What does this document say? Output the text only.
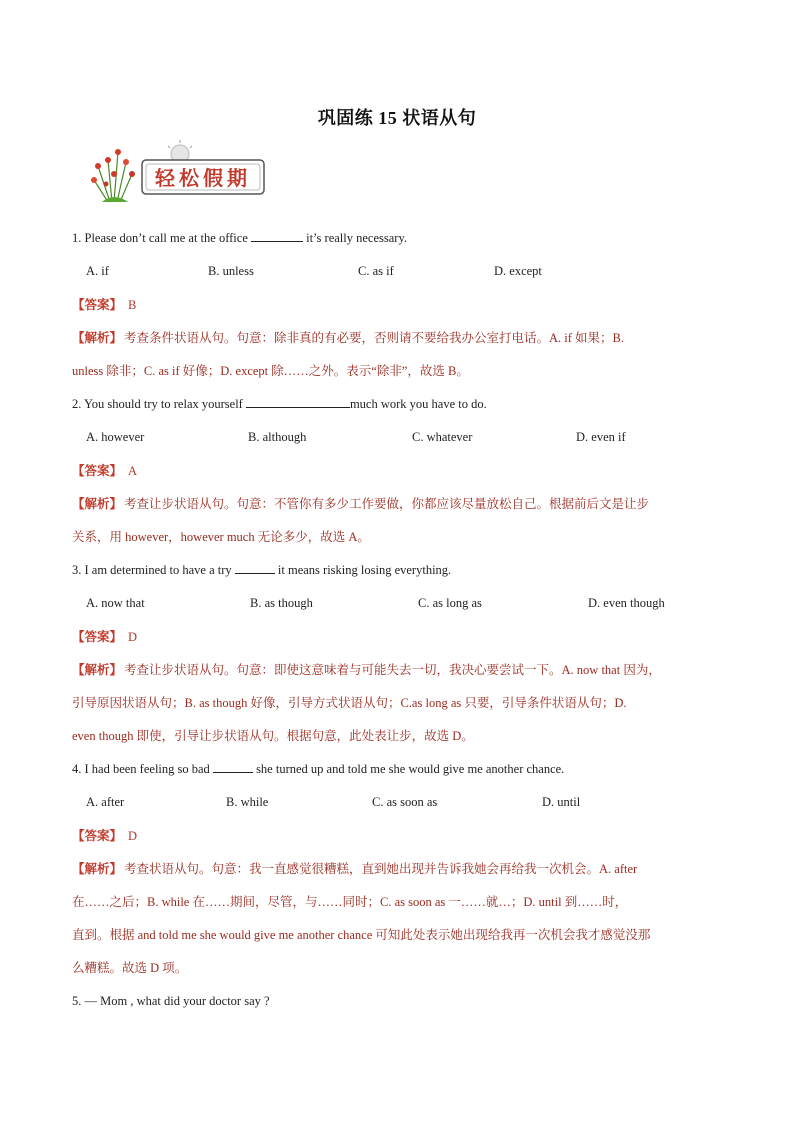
巩固练 15 状语从句
轻松假期
1. Please don’t call me at the office	it’s really necessary.
A. if	B. unless	C. as if	D. except
【答案】 B
【解析】 考查条件状语从句。句意：除非真的有必要，否则请不要给我办公室打电话。A. if 如果；B.
unless 除非；C. as if 好像；D. except 除……之外。表示“除非”，故选 B。
2. You should try to relax yourself	much work you have to do.
A. however	B. although	C. whatever	D. even if
【答案】 A
【解析】 考查让步状语从句。句意：不管你有多少工作要做，你都应该尽量放松自己。根据前后文是让步
关系，用 however，however much 无论多少，故选 A。
3. I am determined to have a try	it means risking losing everything.
A. now that	B. as though	C. as long as	D. even though
【答案】 D
【解析】 考查让步状语从句。句意：即使这意味着与可能失去一切，我决心要尝试一下。A. now that 因为，
引导原因状语从句；B. as though 好像，引导方式状语从句；C.as long as 只要，引导条件状语从句；D.
even though 即使，引导让步状语从句。根据句意，此处表让步，故选 D。
4. I had been feeling so bad	she turned up and told me she would give me another chance.
A. after	B. while	C. as soon as	D. until
【答案】 D
【解析】 考查状语从句。句意：我一直感觉很糟糕，直到她出现并告诉我她会再给我一次机会。A. after
在……之后；B. while 在……期间，尽管，与……同时；C. as soon as 一……就…；D. until 到……时，
直到。根据 and told me she would give me another chance 可知此处表示她出现给我再一次机会我才感觉没那
么糟糕。故选 D 项。
5. — Mom , what did your doctor say ?
